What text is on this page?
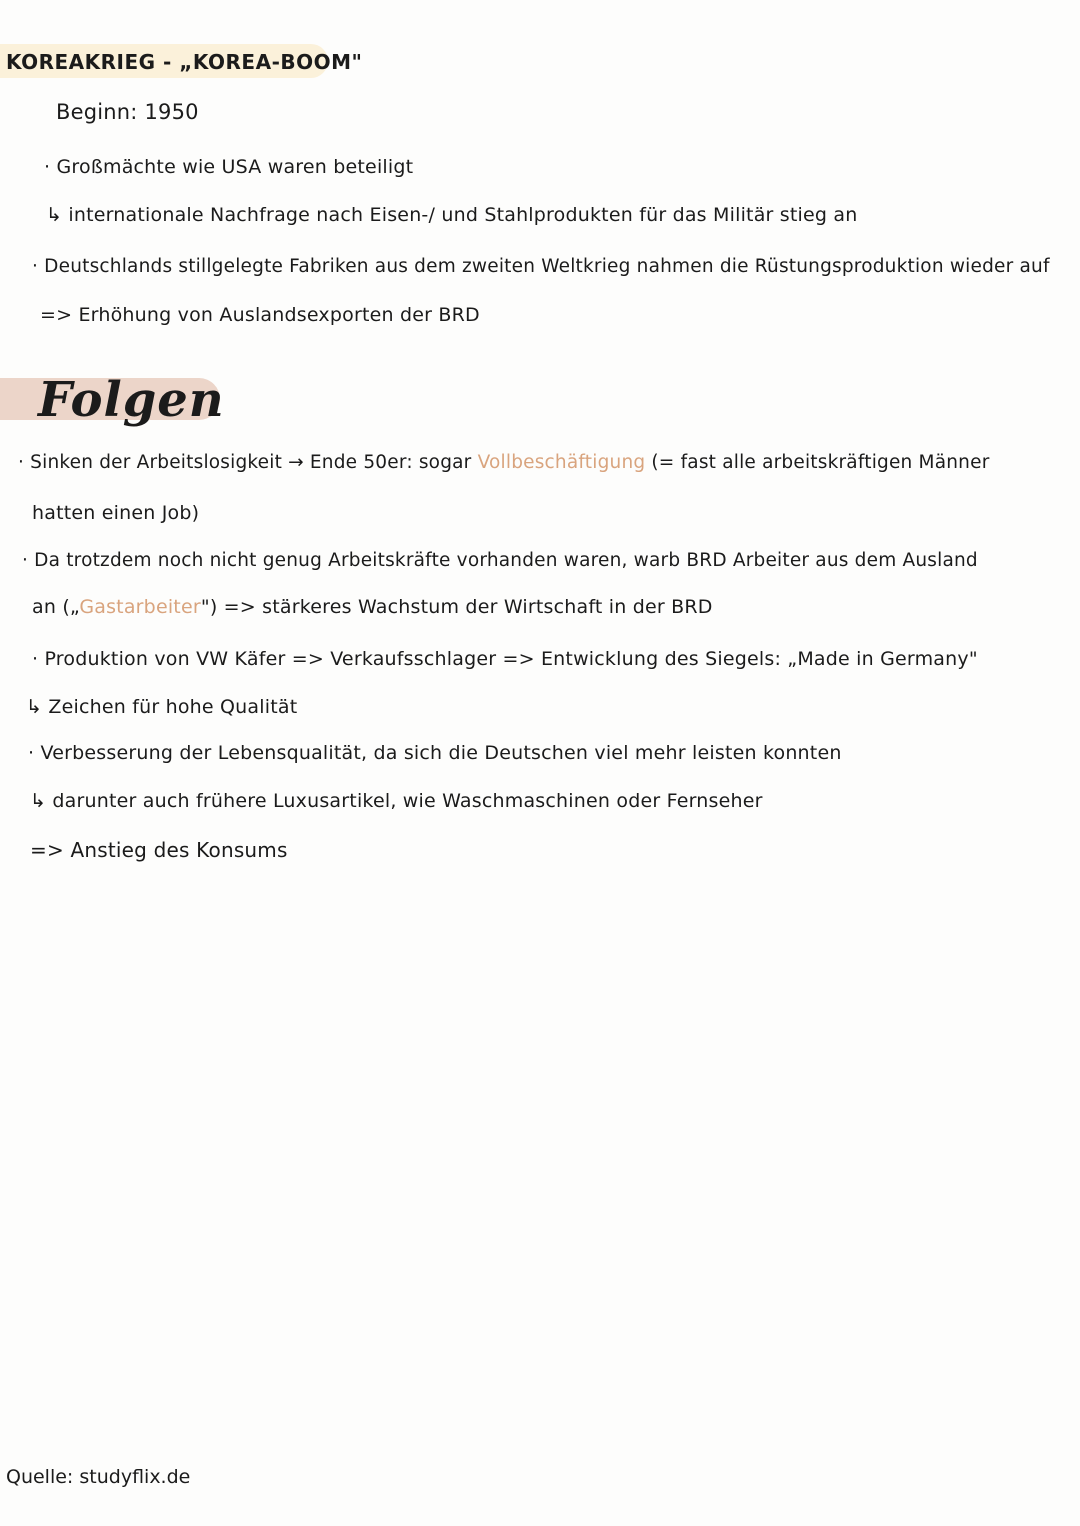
KOREAKRIEG - „KOREA-BOOM"
Beginn: 1950
· Großmächte wie USA waren beteiligt
↳ internationale Nachfrage nach Eisen-/ und Stahlprodukten für das Militär stieg an
· Deutschlands stillgelegte Fabriken aus dem zweiten Weltkrieg nahmen die Rüstungsproduktion wieder auf
=> Erhöhung von Auslandsexporten der BRD
Folgen
· Sinken der Arbeitslosigkeit → Ende 50er: sogar Vollbeschäftigung (= fast alle arbeitskräftigen Männer
hatten einen Job)
· Da trotzdem noch nicht genug Arbeitskräfte vorhanden waren, warb BRD Arbeiter aus dem Ausland
an („Gastarbeiter") => stärkeres Wachstum der Wirtschaft in der BRD
· Produktion von VW Käfer => Verkaufsschlager => Entwicklung des Siegels: „Made in Germany"
↳ Zeichen für hohe Qualität
· Verbesserung der Lebensqualität, da sich die Deutschen viel mehr leisten konnten
↳ darunter auch frühere Luxusartikel, wie Waschmaschinen oder Fernseher
=> Anstieg des Konsums
Quelle: studyflix.de
